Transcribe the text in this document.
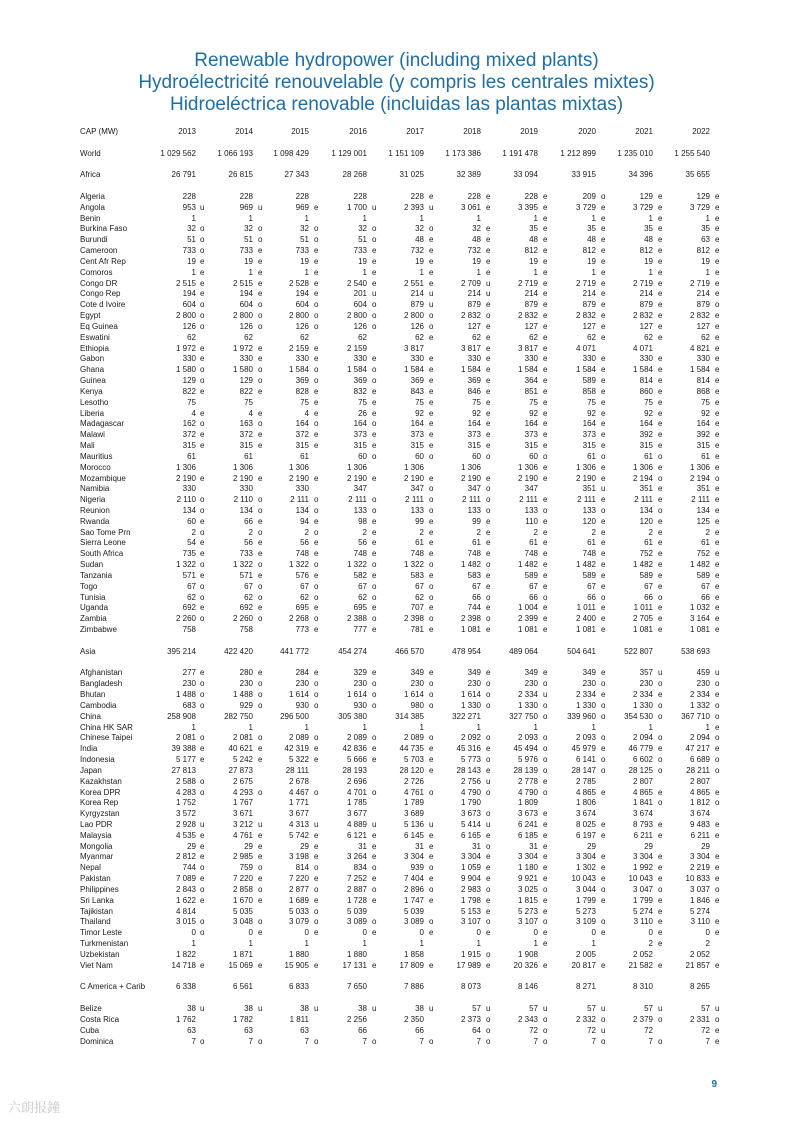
Renewable hydropower (including mixed plants)
Hydroélectricité renouvelable (y compris les centrales mixtes)
Hidroeléctrica renovable (incluidas las plantas mixtas)
CAP (MW)	2013	2014	2015	2016	2017	2018	2019	2020	2021	2022
World	1 029 562	1 066 193	1 098 429	1 129 001	1 151 109	1 173 386	1 191 478	1 212 899	1 235 010	1 255 540
Africa	26 791	26 815	27 343	28 268	31 025	32 389	33 094	33 915	34 396	35 655
Algeria	228	228	228	228	228 e	228 e	228 e	209 o	129 e	129 e
Angola	953 u	969 u	969 e	1 700 u	2 393 u	3 061 e	3 395 e	3 729 e	3 729 e	3 729 e
Benin	1	1	1	1	1	1	1 e	1 e	1 e	1 e
Burkina Faso	32 o	32 o	32 o	32 o	32 o	32 e	35 e	35 e	35 e	35 e
Burundi	51 o	51 o	51 o	51 o	48 e	48 e	48 e	48 e	48 e	63 e
Cameroon	733 o	733 e	733 e	733 e	732 e	732 e	812 e	812 e	812 e	812 e
Cent Afr Rep	19 e	19 e	19 e	19 e	19 e	19 e	19 e	19 e	19 e	19 e
Comoros	1 e	1 e	1 e	1 e	1 e	1 e	1 e	1 e	1 e	1 e
Congo DR	2 515 e	2 515 e	2 528 e	2 540 e	2 551 e	2 709 u	2 719 e	2 719 e	2 719 e	2 719 e
Congo Rep	194 e	194 e	194 e	201 u	214 u	214 u	214 e	214 e	214 e	214 e
Cote d Ivoire	604 o	604 o	604 o	604 o	879 u	879 e	879 e	879 e	879 e	879 o
Egypt	2 800 o	2 800 o	2 800 o	2 800 o	2 800 o	2 832 o	2 832 e	2 832 e	2 832 e	2 832 e
Eq Guinea	126 o	126 o	126 o	126 o	126 o	127 e	127 e	127 e	127 e	127 e
Eswatini	62	62	62	62	62 e	62 e	62 e	62 e	62 e	62 e
Ethiopia	1 972 e	1 972 e	2 159 e	2 159	3 817	3 817 e	3 817 e	4 071	4 071	4 821 e
Gabon	330 e	330 e	330 e	330 e	330 e	330 e	330 e	330 e	330 e	330 e
Ghana	1 580 o	1 580 o	1 584 o	1 584 o	1 584 e	1 584 e	1 584 e	1 584 e	1 584 e	1 584 e
Guinea	129 o	129 o	369 o	369 o	369 e	369 e	364 e	589 e	814 e	814 e
Kenya	822 e	822 e	828 e	832 e	843 e	846 e	851 e	858 e	860 e	868 e
Lesotho	75	75	75 e	75 e	75 e	75 e	75 e	75 e	75 e	75 e
Liberia	4 e	4 e	4 e	26 e	92 e	92 e	92 e	92 e	92 e	92 e
Madagascar	162 o	163 o	164 o	164 o	164 e	164 e	164 e	164 e	164 e	164 e
Malawi	372 e	372 e	372 e	373 e	373 e	373 e	373 e	373 e	392 e	392 e
Mali	315 e	315 e	315 e	315 e	315 e	315 e	315 e	315 e	315 e	315 e
Mauritius	61	61	61	60 o	60 o	60 o	60 o	61 o	61 o	61 e
Morocco	1 306	1 306	1 306	1 306	1 306	1 306	1 306 e	1 306 e	1 306 e	1 306 e
Mozambique	2 190 e	2 190 e	2 190 e	2 190 e	2 190 e	2 190 e	2 190 e	2 190 e	2 194 o	2 194 o
Namibia	330	330	330	347	347 o	347 o	347	351 u	351 e	351 e
Nigeria	2 110 o	2 110 o	2 111 o	2 111 o	2 111 o	2 111 o	2 111 e	2 111 e	2 111 e	2 111 e
Reunion	134 o	134 o	134 o	133 o	133 o	133 o	133 o	133 o	134 o	134 e
Rwanda	60 e	66 e	94 e	98 e	99 e	99 e	110 e	120 e	120 e	125 e
Sao Tome Prn	2 o	2 o	2 o	2 e	2 e	2 e	2 e	2 e	2 e	2 e
Sierra Leone	54 e	56 e	56 e	56 e	61 e	61 e	61 e	61 e	61 e	61 e
South Africa	735 e	733 e	748 e	748 e	748 e	748 e	748 e	748 e	752 e	752 e
Sudan	1 322 o	1 322 o	1 322 o	1 322 o	1 322 o	1 482 o	1 482 e	1 482 e	1 482 e	1 482 e
Tanzania	571 e	571 e	576 e	582 e	583 e	583 e	589 e	589 e	589 e	589 e
Togo	67 o	67 o	67 o	67 o	67 o	67 e	67 e	67 e	67 e	67 e
Tunisia	62 o	62 o	62 o	62 o	62 o	66 o	66 o	66 o	66 o	66 e
Uganda	692 e	692 e	695 e	695 e	707 e	744 e	1 004 e	1 011 e	1 011 e	1 032 e
Zambia	2 260 o	2 260 o	2 268 o	2 388 o	2 398 o	2 398 o	2 399 e	2 400 e	2 705 e	3 164 e
Zimbabwe	758	758	773 e	777 e	781 e	1 081 e	1 081 e	1 081 e	1 081 e	1 081 e
Asia	395 214	422 420	441 772	454 274	466 570	478 954	489 064	504 641	522 807	538 693
Afghanistan	277 e	280 e	284 e	329 e	349 e	349 e	349 e	349 e	357 u	459 u
Bangladesh	230 o	230 o	230 o	230 o	230 o	230 o	230 o	230 o	230 o	230 o
Bhutan	1 488 o	1 488 o	1 614 o	1 614 o	1 614 o	1 614 o	2 334 u	2 334 e	2 334 e	2 334 e
Cambodia	683 o	929 o	930 o	930 o	980 o	1 330 o	1 330 o	1 330 o	1 330 o	1 332 o
China	258 908	282 750	296 500	305 380	314 385	322 271	327 750 o	339 960 o	354 530 o	367 710 o
China HK SAR	1	1	1	1	1	1	1	1	1	1 e
Chinese Taipei	2 081 o	2 081 o	2 089 o	2 089 o	2 089 o	2 092 o	2 093 o	2 093 o	2 094 o	2 094 o
India	39 388 e	40 621 e	42 319 e	42 836 e	44 735 e	45 316 e	45 494 o	45 979 e	46 779 e	47 217 e
Indonesia	5 177 e	5 242 e	5 322 e	5 666 e	5 703 e	5 773 o	5 976 o	6 141 o	6 602 o	6 689 o
Japan	27 813	27 873	28 111	28 193	28 120 e	28 143 e	28 139 o	28 147 o	28 125 o	28 211 o
Kazakhstan	2 588 o	2 675	2 678	2 696	2 726	2 756 u	2 778 e	2 785	2 807	2 807
Korea DPR	4 283 o	4 293 o	4 467 o	4 701 o	4 761 o	4 790 o	4 790 o	4 865 e	4 865 e	4 865 e
Korea Rep	1 752	1 767	1 771	1 785	1 789	1 790	1 809	1 806	1 841 o	1 812 o
Kyrgyzstan	3 572	3 671	3 677	3 677	3 689	3 673 o	3 673 e	3 674	3 674	3 674
Lao PDR	2 928 u	3 212 u	4 313 u	4 889 u	5 136 u	5 414 u	6 241 e	8 025 e	8 793 e	9 483 e
Malaysia	4 535 e	4 761 e	5 742 e	6 121 e	6 145 e	6 165 e	6 185 e	6 197 e	6 211 e	6 211 e
Mongolia	29 e	29 e	29 e	31 e	31 e	31 o	31 e	29	29	29
Myanmar	2 812 e	2 985 e	3 198 e	3 264 e	3 304 e	3 304 e	3 304 e	3 304 e	3 304 e	3 304 e
Nepal	744 o	759 o	814 o	834 o	939 o	1 059 e	1 180 e	1 302 e	1 992 e	2 219 e
Pakistan	7 089 e	7 220 e	7 220 e	7 252 e	7 404 e	9 904 e	9 921 e	10 043 e	10 043 e	10 833 e
Philippines	2 843 o	2 858 o	2 877 o	2 887 o	2 896 o	2 983 o	3 025 o	3 044 o	3 047 o	3 037 o
Sri Lanka	1 622 e	1 670 e	1 689 e	1 728 e	1 747 e	1 798 e	1 815 e	1 799 e	1 799 e	1 846 e
Tajikistan	4 814	5 035	5 033 o	5 039	5 039	5 153 e	5 273 e	5 273	5 274 e	5 274
Thailand	3 015 o	3 048 o	3 079 o	3 089 o	3 089 o	3 107 o	3 107 o	3 109 o	3 110 e	3 110 e
Timor Leste	0 o	0 e	0 e	0 e	0 e	0 e	0 e	0 e	0 e	0 e
Turkmenistan	1	1	1	1	1	1	1 e	1	2 e	2
Uzbekistan	1 822	1 871	1 880	1 880	1 858	1 915 o	1 908	2 005	2 052	2 052
Viet Nam	14 718 e	15 069 e	15 905 e	17 131 e	17 809 e	17 989 e	20 326 e	20 817 e	21 582 e	21 857 e
C America + Carib	6 338	6 561	6 833	7 650	7 886	8 073	8 146	8 271	8 310	8 265
Belize	38 u	38 u	38 u	38 u	38 u	57 u	57 u	57 u	57 u	57 u
Costa Rica	1 762	1 782	1 811	2 256	2 350	2 373 o	2 343 o	2 332 o	2 379 o	2 331 o
Cuba	63	63	63	66	66	64 o	72 o	72 u	72	72 e
Dominica	7 o	7 o	7 o	7 o	7 o	7 o	7 o	7 o	7 o	7 e
9
六朗报鐘
